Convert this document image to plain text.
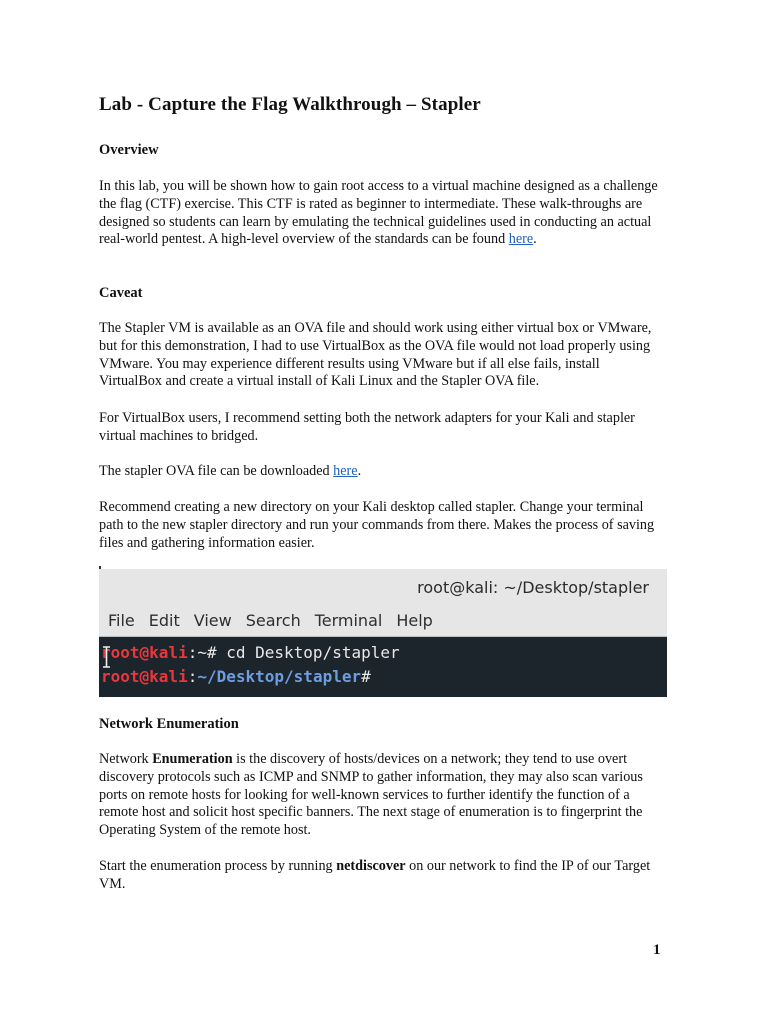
Lab - Capture the Flag Walkthrough – Stapler
Overview

In this lab, you will be shown how to gain root access to a virtual machine designed as a challenge the flag (CTF) exercise. This CTF is rated as beginner to intermediate. These walk-throughs are designed so students can learn by emulating the technical guidelines used in conducting an actual real-world pentest. A high-level overview of the standards can be found here.

Caveat

The Stapler VM is available as an OVA file and should work using either virtual box or VMware, but for this demonstration, I had to use VirtualBox as the OVA file would not load properly using VMware. You may experience different results using VMware but if all else fails, install VirtualBox and create a virtual install of Kali Linux and the Stapler OVA file.

For VirtualBox users, I recommend setting both the network adapters for your Kali and stapler virtual machines to bridged.

The stapler OVA file can be downloaded here.

Recommend creating a new directory on your Kali desktop called stapler. Change your terminal path to the new stapler directory and run your commands from there. Makes the process of saving files and gathering information easier.

root@kali: ~/Desktop/stapler
File Edit View Search Terminal Help
root@kali:~# cd Desktop/stapler
root@kali:~/Desktop/stapler#
Network Enumeration

Network Enumeration is the discovery of hosts/devices on a network; they tend to use overt discovery protocols such as ICMP and SNMP to gather information, they may also scan various ports on remote hosts for looking for well-known services to further identify the function of a remote host and solicit host specific banners. The next stage of enumeration is to fingerprint the Operating System of the remote host.

Start the enumeration process by running netdiscover on our network to find the IP of our Target VM.

1
